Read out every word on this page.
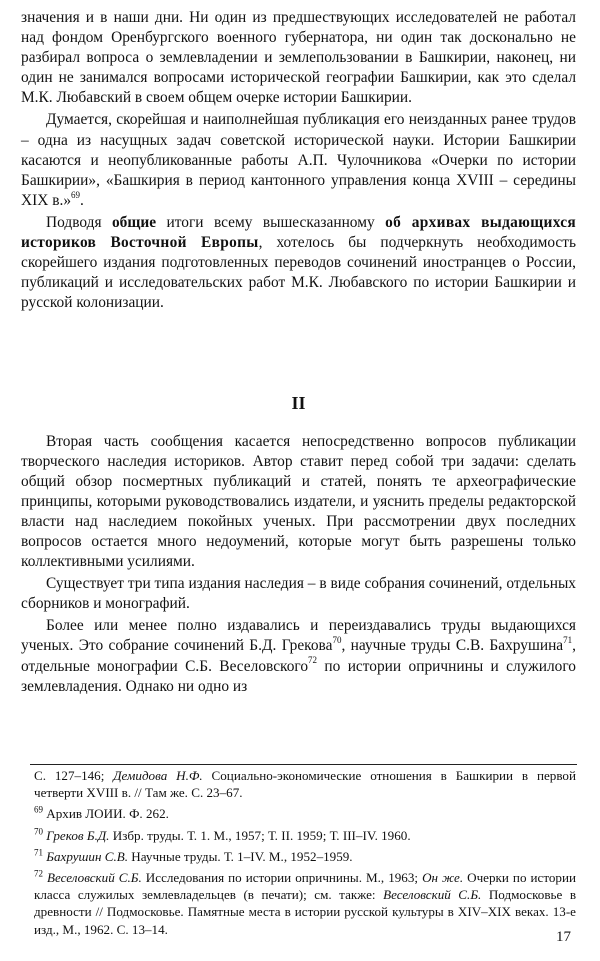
значения и в наши дни. Ни один из предшествующих исследователей не работал над фондом Оренбургского военного губернатора, ни один так досконально не разбирал вопроса о землевладении и землепользовании в Башкирии, наконец, ни один не занимался вопросами исторической географии Башкирии, как это сделал М.К. Любавский в своем общем очерке истории Башкирии.

Думается, скорейшая и наиполнейшая публикация его неизданных ранее трудов – одна из насущных задач советской исторической науки. Истории Башкирии касаются и неопубликованные работы А.П. Чулочникова «Очерки по истории Башкирии», «Башкирия в период кантонного управления конца XVIII – середины XIX в.»$^{69}$.

Подводя общие итоги всему вышесказанному об архивах выдающихся историков Восточной Европы, хотелось бы подчеркнуть необходимость скорейшего издания подготовленных переводов сочинений иностранцев о России, публикаций и исследовательских работ М.К. Любавского по истории Башкирии и русской колонизации.

II

Вторая часть сообщения касается непосредственно вопросов публикации творческого наследия историков. Автор ставит перед собой три задачи: сделать общий обзор посмертных публикаций и статей, понять те археографические принципы, которыми руководствовались издатели, и уяснить пределы редакторской власти над наследием покойных ученых. При рассмотрении двух последних вопросов остается много недоумений, которые могут быть разрешены только коллективными усилиями.

Существует три типа издания наследия – в виде собрания сочинений, отдельных сборников и монографий.

Более или менее полно издавались и переиздавались труды выдающихся ученых. Это собрание сочинений Б.Д. Грекова$^{70}$, научные труды С.В. Бахрушина$^{71}$, отдельные монографии С.Б. Веселовского$^{72}$ по истории опричнины и служилого землевладения. Однако ни одно из

С. 127–146; Демидова Н.Ф. Социально-экономические отношения в Башкирии в первой четверти XVIII в. // Там же. С. 23–67.

$^{69}$ Архив ЛОИИ. Ф. 262.

$^{70}$ Греков Б.Д. Избр. труды. Т. 1. М., 1957; Т. II. 1959; Т. III–IV. 1960.

$^{71}$ Бахрушин С.В. Научные труды. Т. 1–IV. М., 1952–1959.

$^{72}$ Веселовский С.Б. Исследования по истории опричнины. М., 1963; Он же. Очерки по истории класса служилых землевладельцев (в печати); см. также: Веселовский С.Б. Подмосковье в древности // Подмосковье. Памятные места в истории русской культуры в XIV–XIX веках. 13-е изд., М., 1962. С. 13–14.	17
